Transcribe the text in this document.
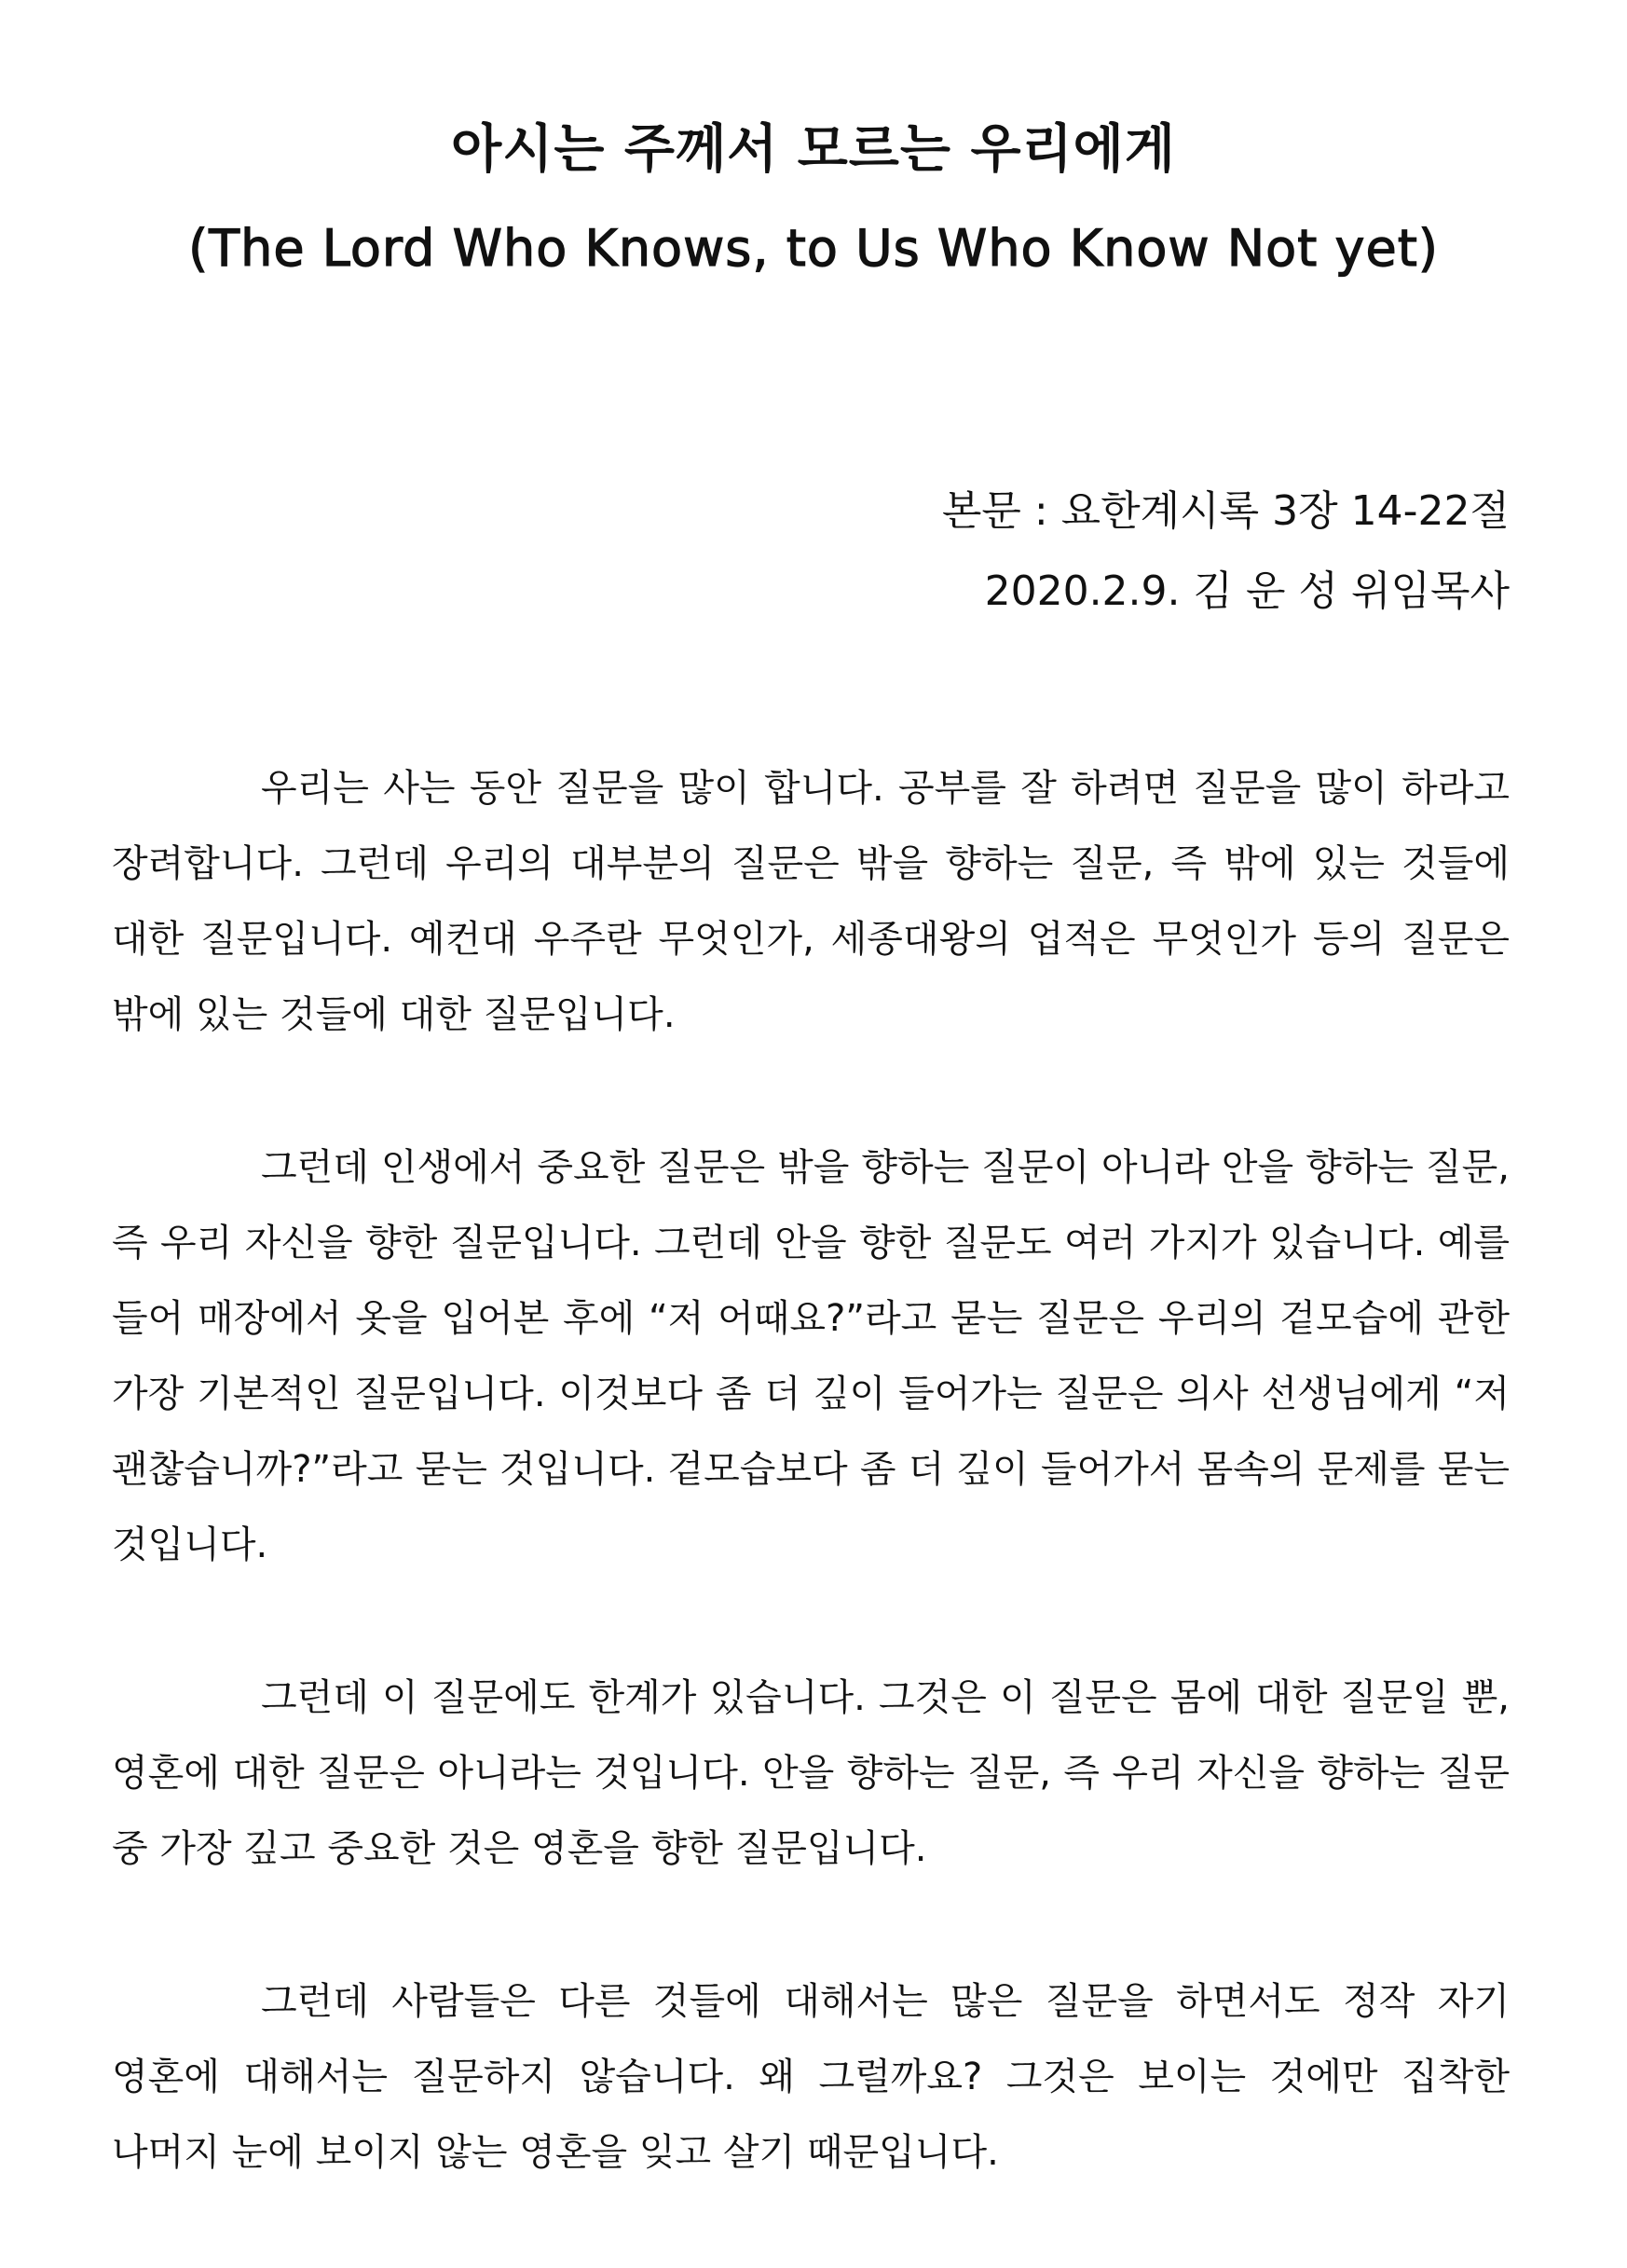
아시는 주께서 모르는 우리에게
(The Lord Who Knows, to Us Who Know Not yet)
본문 : 요한계시록 3장 14-22절
2020.2.9. 김 운 성 위임목사

우리는 사는 동안 질문을 많이 합니다. 공부를 잘 하려면 질문을 많이 하라고 장려합니다. 그런데 우리의 대부분의 질문은 밖을 향하는 질문, 즉 밖에 있는 것들에 대한 질문입니다. 예컨대 우주란 무엇인가, 세종대왕의 업적은 무엇인가 등의 질문은 밖에 있는 것들에 대한 질문입니다.

그런데 인생에서 중요한 질문은 밖을 향하는 질문이 아니라 안을 향하는 질문, 즉 우리 자신을 향한 질문입니다. 그런데 안을 향한 질문도 여러 가지가 있습니다. 예를 들어 매장에서 옷을 입어본 후에 “저 어때요?”라고 묻는 질문은 우리의 겉모습에 관한 가장 기본적인 질문입니다. 이것보다 좀 더 깊이 들어가는 질문은 의사 선생님에게 “저 괜찮습니까?”라고 묻는 것입니다. 겉모습보다 좀 더 깊이 들어가서 몸속의 문제를 묻는 것입니다.

그런데 이 질문에도 한계가 있습니다. 그것은 이 질문은 몸에 대한 질문일 뿐, 영혼에 대한 질문은 아니라는 것입니다. 안을 향하는 질문, 즉 우리 자신을 향하는 질문 중 가장 깊고 중요한 것은 영혼을 향한 질문입니다.

그런데 사람들은 다른 것들에 대해서는 많은 질문을 하면서도 정작 자기 영혼에 대해서는 질문하지 않습니다. 왜 그럴까요? 그것은 보이는 것에만 집착한 나머지 눈에 보이지 않는 영혼을 잊고 살기 때문입니다.
